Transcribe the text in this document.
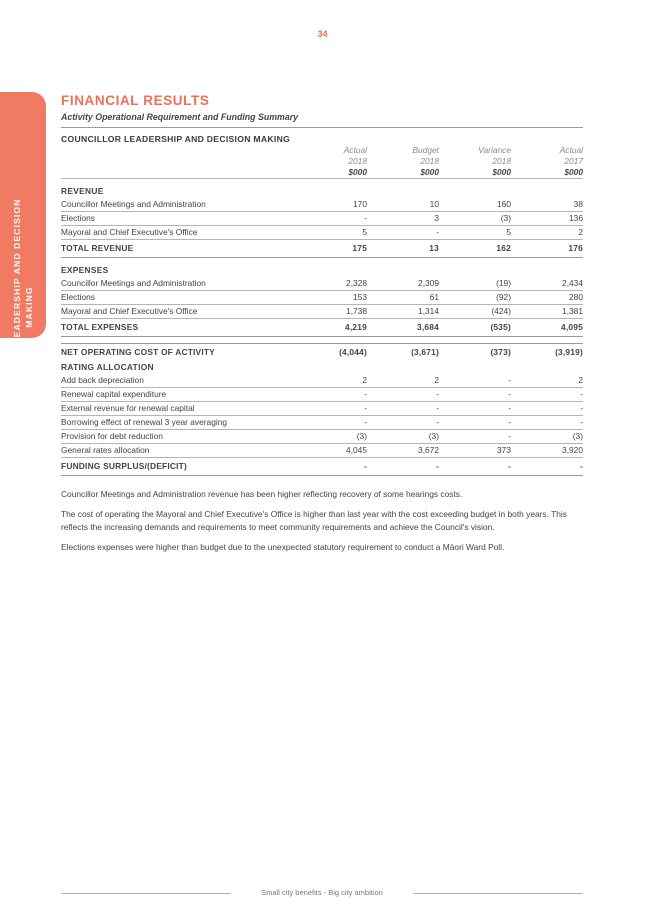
34
COUNCILLOR LEADERSHIP AND DECISION MAKING
FINANCIAL RESULTS
Activity Operational Requirement and Funding Summary
COUNCILLOR LEADERSHIP AND DECISION MAKING
	Actual	Budget	Variance	Actual
	2018	2018	2018	2017
	$000	$000	$000	$000
REVENUE				
Councillor Meetings and Administration	170	10	160	38
Elections	-	3	(3)	136
Mayoral and Chief Executive's Office	5	-	5	2
TOTAL REVENUE	175	13	162	176
EXPENSES				
Councillor Meetings and Administration	2,328	2,309	(19)	2,434
Elections	153	61	(92)	280
Mayoral and Chief Executive's Office	1,738	1,314	(424)	1,381
TOTAL EXPENSES	4,219	3,684	(535)	4,095

NET OPERATING COST OF ACTIVITY	(4,044)	(3,671)	(373)	(3,919)
RATING ALLOCATION				
Add back depreciation	2	2	-	2
Renewal capital expenditure	-	-	-	-
External revenue for renewal capital	-	-	-	-
Borrowing effect of renewal 3 year averaging	-	-	-	-
Provision for debt reduction	(3)	(3)	-	(3)
General rates allocation	4,045	3,672	373	3,920
FUNDING SURPLUS/(DEFICIT)	-	-	-	-

Councillor Meetings and Administration revenue has been higher reflecting recovery of some hearings costs.

The cost of operating the Mayoral and Chief Executive's Office is higher than last year with the cost exceeding budget in both years. This reflects the increasing demands and requirements to meet community requirements and achieve the Council's vision.

Elections expenses were higher than budget due to the unexpected statutory requirement to conduct a Māori Ward Poll.

Small city benefits - Big city ambition
